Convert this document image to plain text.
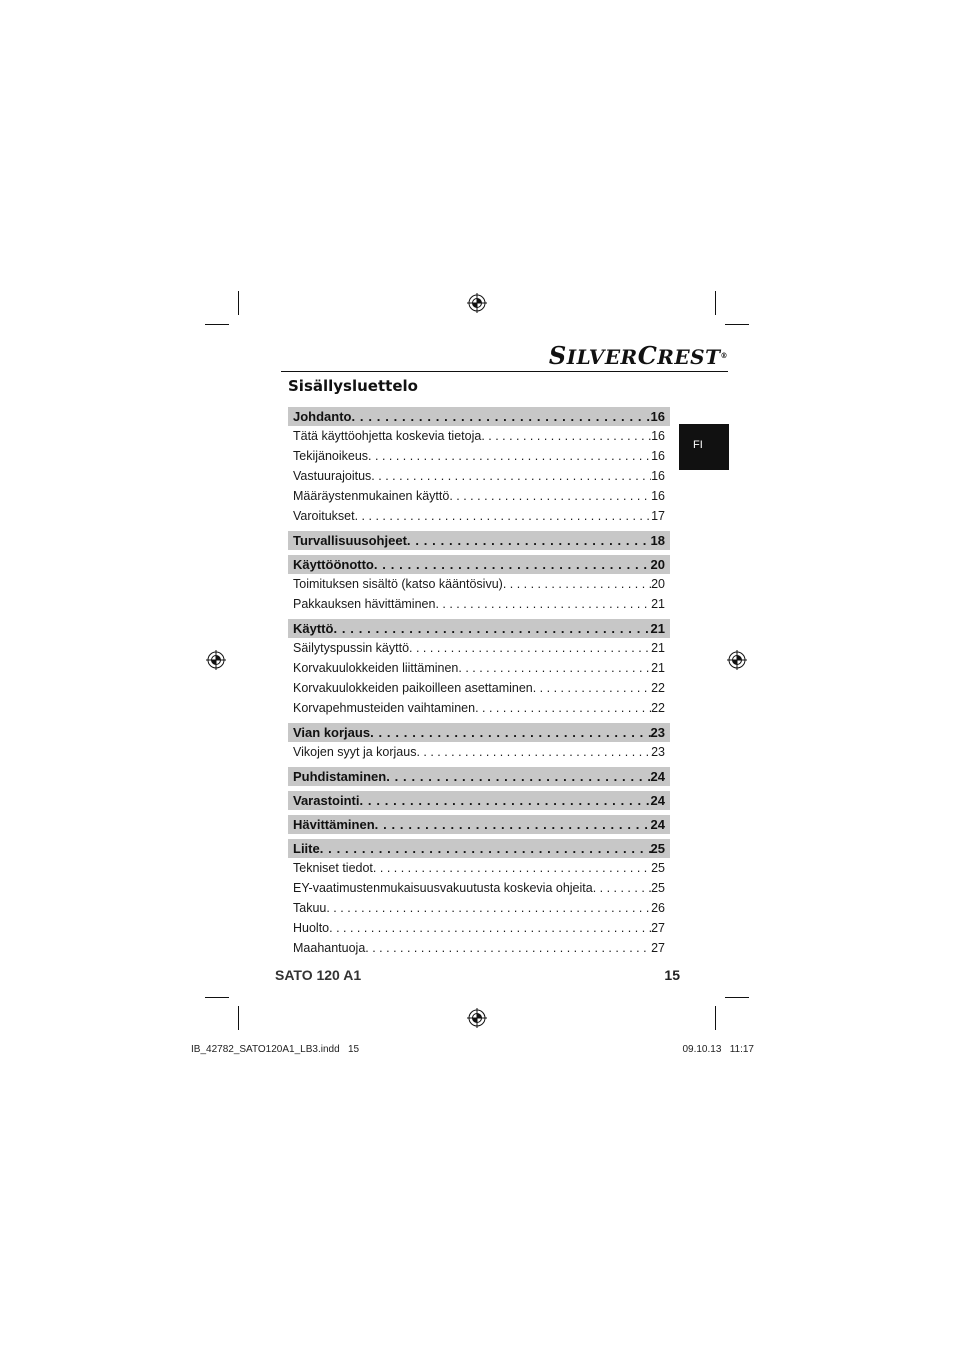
SILVERCREST®
Sisällysluettelo
FI
Johdanto . . .	16
Tätä käyttöohjetta koskevia tietoja . . .	16
Tekijänoikeus . . .	16
Vastuurajoitus . . .	16
Määräystenmukainen käyttö . . .	16
Varoitukset . . .	17
Turvallisuusohjeet . . .	18
Käyttöönotto . . .	20
Toimituksen sisältö (katso kääntösivu) . . .	20
Pakkauksen hävittäminen . . .	21
Käyttö . . .	21
Säilytyspussin käyttö . . .	21
Korvakuulokkeiden liittäminen . . .	21
Korvakuulokkeiden paikoilleen asettaminen . . .	22
Korvapehmusteiden vaihtaminen . . .	22
Vian korjaus . . .	23
Vikojen syyt ja korjaus . . .	23
Puhdistaminen . . .	24
Varastointi . . .	24
Hävittäminen . . .	24
Liite . . .	25
Tekniset tiedot . . .	25
EY-vaatimustenmukaisuusvakuutusta koskevia ohjeita . . .	25
Takuu . . .	26
Huolto . . .	27
Maahantuoja . . .	27
SATO 120 A1	15
IB_42782_SATO120A1_LB3.indd   15	09.10.13   11:17
